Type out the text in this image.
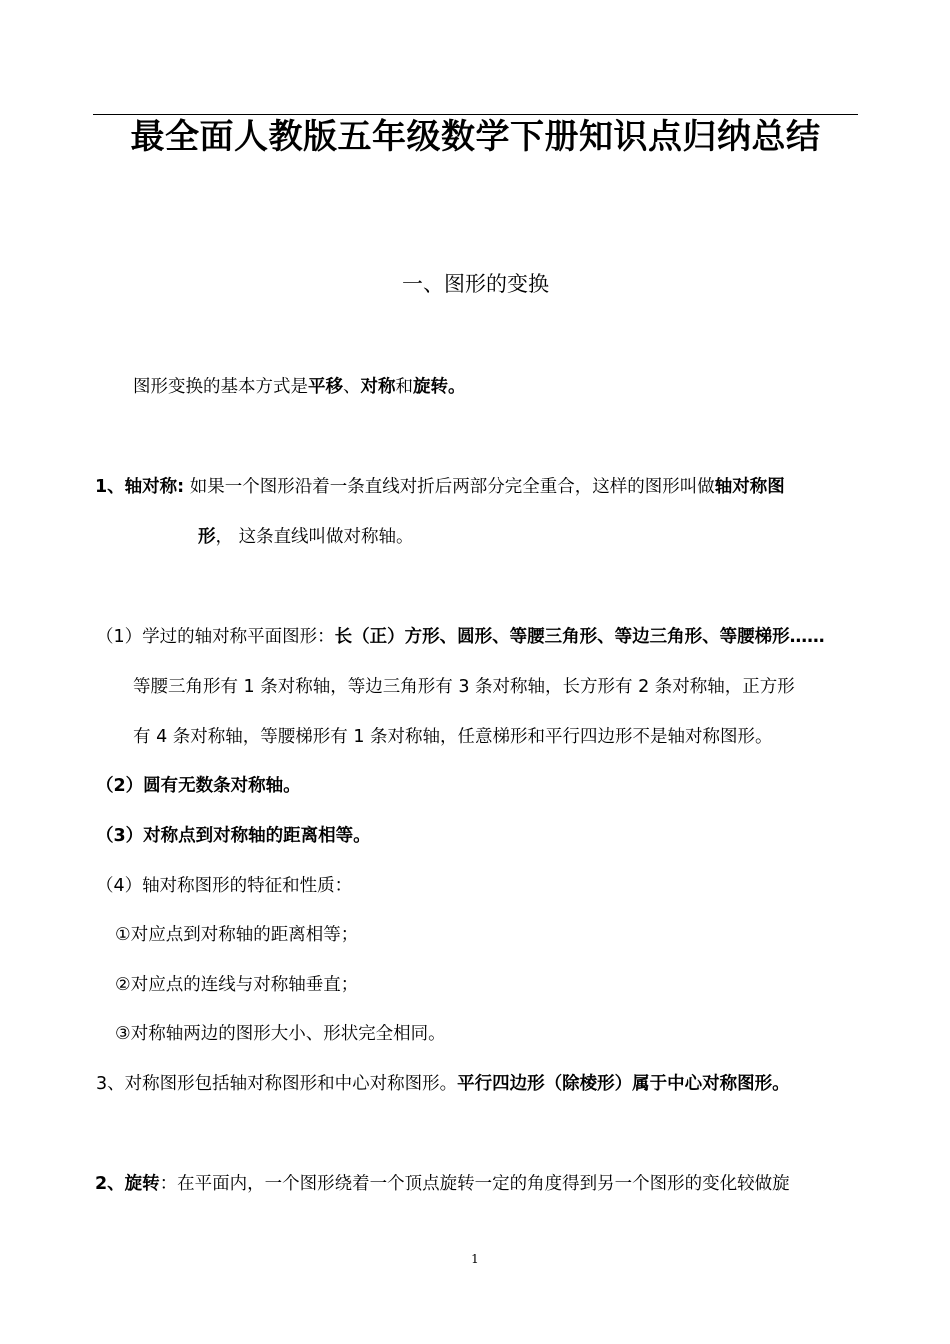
最全面人教版五年级数学下册知识点归纳总结
一、图形的变换
图形变换的基本方式是平移、对称和旋转。
1、轴对称: 如果一个图形沿着一条直线对折后两部分完全重合，这样的图形叫做轴对称图
形， 这条直线叫做对称轴。
（1）学过的轴对称平面图形：长（正）方形、圆形、等腰三角形、等边三角形、等腰梯形……
等腰三角形有 1 条对称轴，等边三角形有 3 条对称轴，长方形有 2 条对称轴，正方形
有 4 条对称轴，等腰梯形有 1 条对称轴，任意梯形和平行四边形不是轴对称图形。
（2）圆有无数条对称轴。
（3）对称点到对称轴的距离相等。
（4）轴对称图形的特征和性质：
①对应点到对称轴的距离相等；
②对应点的连线与对称轴垂直；
③对称轴两边的图形大小、形状完全相同。
3、对称图形包括轴对称图形和中心对称图形。平行四边形（除棱形）属于中心对称图形。
2、旋转：在平面内，一个图形绕着一个顶点旋转一定的角度得到另一个图形的变化较做旋
1
